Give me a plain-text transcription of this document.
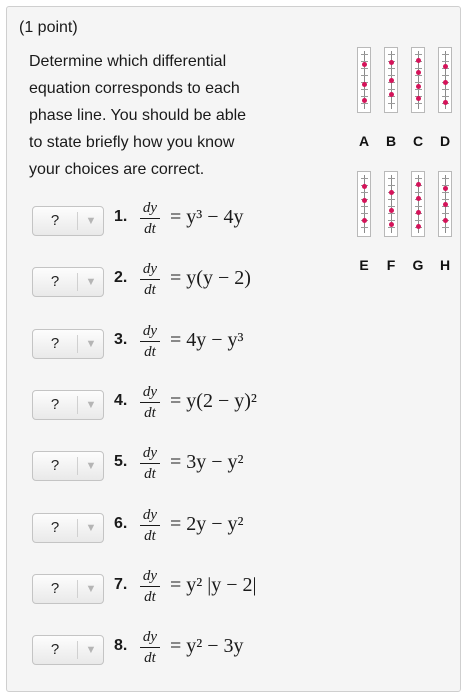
(1 point)
Determine which differential
equation corresponds to each
phase line. You should be able
to state briefly how you know
your choices are correct.
A	B	C	D
E	F	G	H
?	▼	1.	dy
dt
= y³ − 4y
?	▼	2.	dy
dt
= y(y − 2)
?	▼	3.	dy
dt
= 4y − y³
?	▼	4.	dy
dt
= y(2 − y)²
?	▼	5.	dy
dt
= 3y − y²
?	▼	6.	dy
dt
= 2y − y²
?	▼	7.	dy
dt
= y² |y − 2|
?	▼	8.	dy
dt
= y² − 3y
